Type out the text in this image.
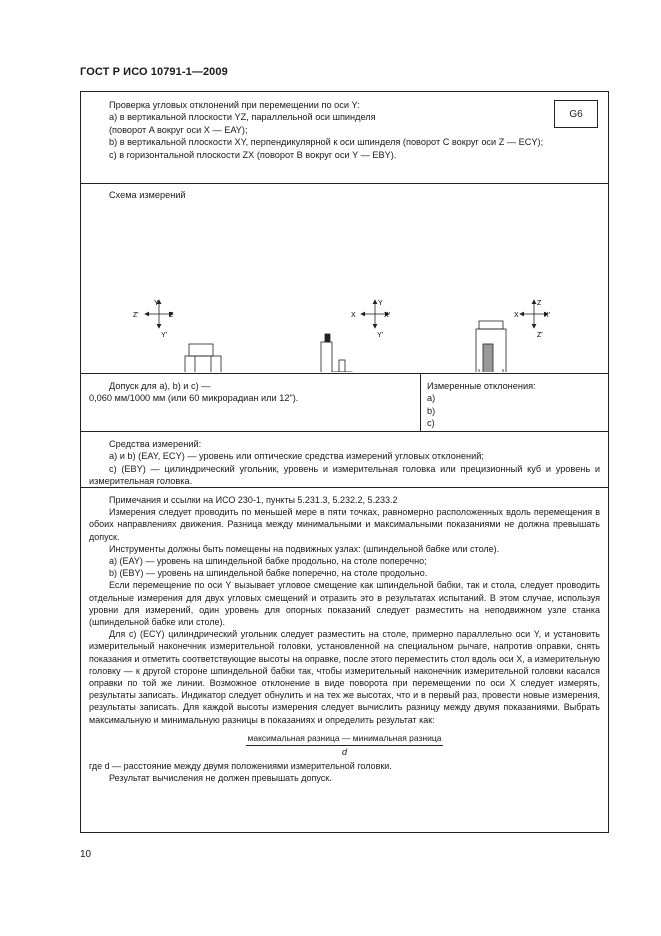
ГОСТ Р ИСО 10791-1—2009
G6

Проверка угловых отклонений при перемещении по оси Y:

a) в вертикальной плоскости YZ, параллельной оси шпинделя

(поворот A вокруг оси X — EAY);

b) в вертикальной плоскости XY, перпендикулярной к оси шпинделя (поворот C вокруг оси Z — ECY);

c) в горизонтальной плоскости ZX (поворот B вокруг оси Y — EBY).

Схема измерений
Y
Y'
Z'	Z
Y
Y'
X	X'
Z
Z'
X	X'

Допуск для a), b) и c) —

0,060 мм/1000 мм (или 60 микрорадиан или 12").

Измеренные отклонения:

a)

b)

c)

Средства измерений:

a) и b) (EAY, ECY) — уровень или оптические средства измерений угловых отклонений;

c) (EBY) — цилиндрический угольник, уровень и измерительная головка или прецизионный куб и уровень и измерительная головка.

Примечания и ссылки на ИСО 230-1, пункты 5.231.3, 5.232.2, 5.233.2

Измерения следует проводить по меньшей мере в пяти точках, равномерно расположенных вдоль перемещения в обоих направлениях движения. Разница между минимальными и максимальными показаниями не должна превышать допуск.

Инструменты должны быть помещены на подвижных узлах: (шпиндельной бабке или столе).

a) (EAY) — уровень на шпиндельной бабке продольно, на столе поперечно;

b) (EBY) — уровень на шпиндельной бабке поперечно, на столе продольно.

Если перемещение по оси Y вызывает угловое смещение как шпиндельной бабки, так и стола, следует проводить отдельные измерения для двух угловых смещений и отразить это в результатах испытаний. В этом случае, используя уровни для измерений, один уровень для опорных показаний следует разместить на неподвижном узле станка (шпиндельной бабке или столе).

Для c) (ECY) цилиндрический угольник следует разместить на столе, примерно параллельно оси Y, и установить измерительный наконечник измерительной головки, установленной на специальном рычаге, напротив оправки, снять показания и отметить соответствующие высоты на оправке, после этого переместить стол вдоль оси X, а измерительную головку — к другой стороне шпиндельной бабки так, чтобы измерительный наконечник измерительной головки касался оправки по той же линии. Возможное отклонение в виде поворота при перемещении по оси X следует измерять, результаты записать. Индикатор следует обнулить и на тех же высотах, что и в первый раз, провести новые измерения, результаты записать. Для каждой высоты измерения следует вычислить разницу между двумя показаниями. Выбрать максимальную и минимальную разницы в показаниях и определить результат как:

максимальная разница — минимальная разница
d

где d — расстояние между двумя положениями измерительной головки.

Результат вычисления не должен превышать допуск.

10
